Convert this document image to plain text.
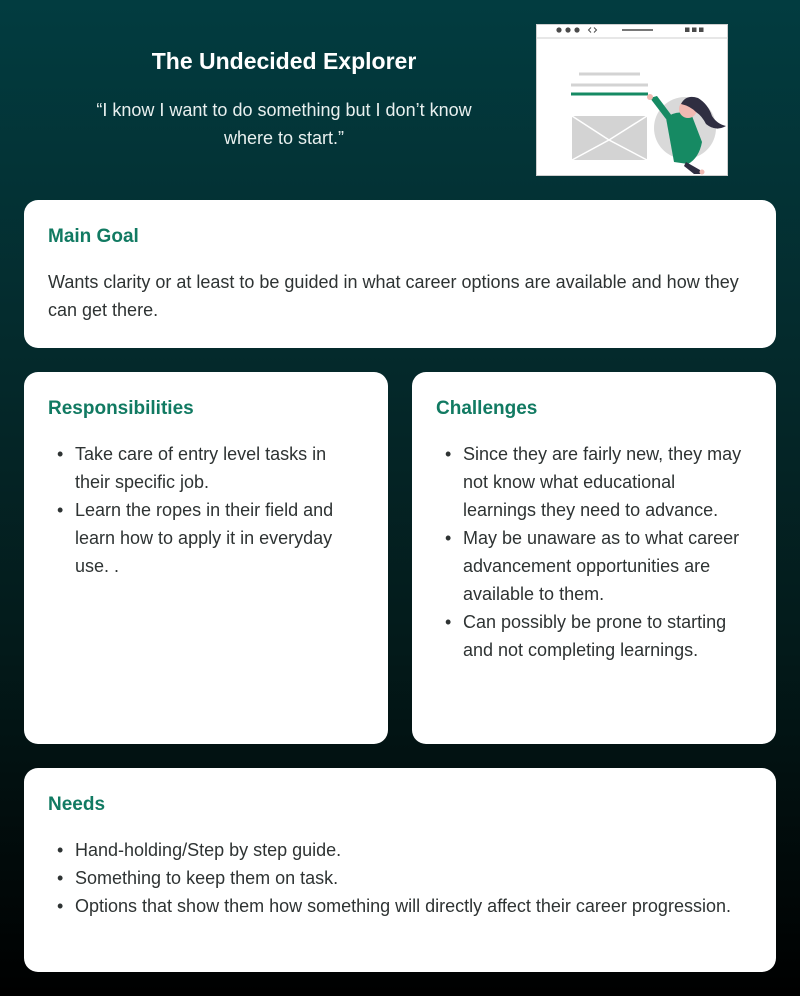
The Undecided Explorer

“I know I want to do something but I don’t know where to start.”

Main Goal

Wants clarity or at least to be guided in what career options are available and how they can get there.

Responsibilities
• Take care of entry level tasks in their specific job.
• Learn the ropes in their field and learn how to apply it in everyday use. .
Challenges
• Since they are fairly new, they may not know what educational learnings they need to advance.
• May be unaware as to what career advancement opportunities are available to them.
• Can possibly be prone to starting and not completing learnings.
Needs
• Hand-holding/Step by step guide.
• Something to keep them on task.
• Options that show them how something will directly affect their career progression.
